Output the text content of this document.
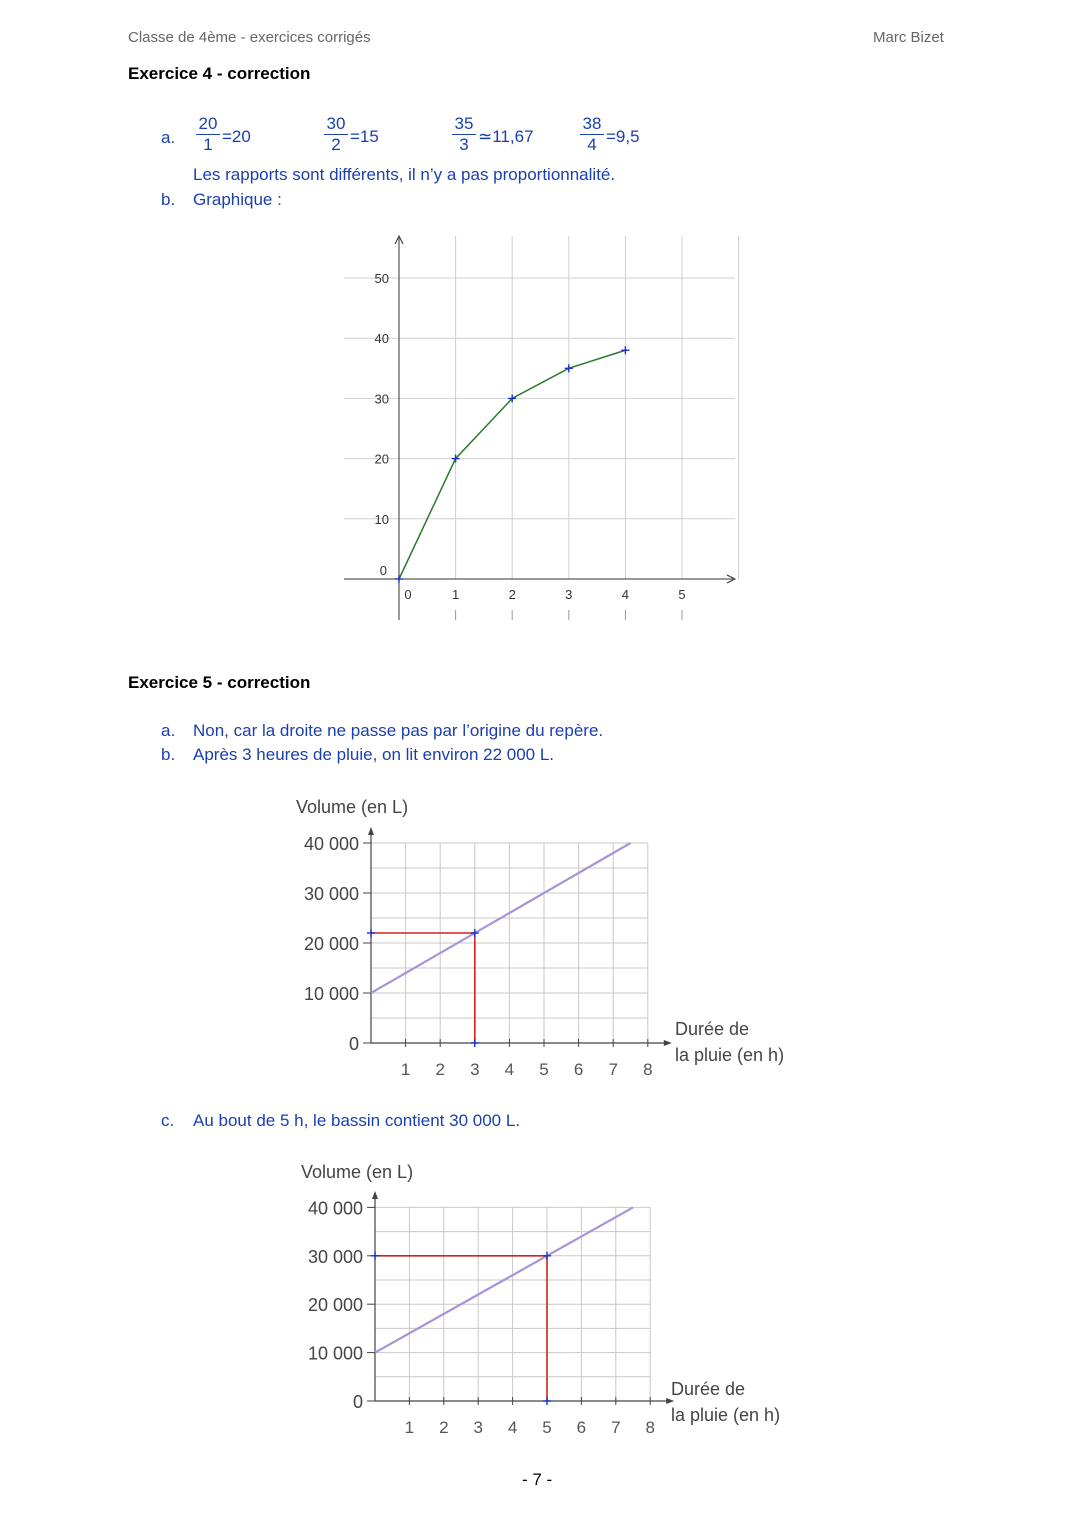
Classe de 4ème - exercices corrigés	Marc Bizet
Exercice 4 - correction
a. $\frac{20}{1} =20$	$\frac{30}{2} =15$	$\frac{35}{3}$ ≃11,67	$\frac{38}{4} =9,5$
Les rapports sont différents, il n’y a pas proportionnalité.
b. Graphique :
0	1	2	3	4	5
0
10
20
30
40
50
Exercice 5 - correction
a. Non, car la droite ne passe pas par l’origine du repère.
b. Après 3 heures de pluie, on lit environ 22 000 L.
1 2 3 4 5 6 7 8
0
10 000
20 000
30 000
40 000
Volume (en L)
Durée de
la pluie (en h)
c. Au bout de 5 h, le bassin contient 30 000 L.
1 2 3 4 5 6 7 8
0
10 000
20 000
30 000
40 000
Volume (en L)
Durée de
la pluie (en h)
- 7 -
